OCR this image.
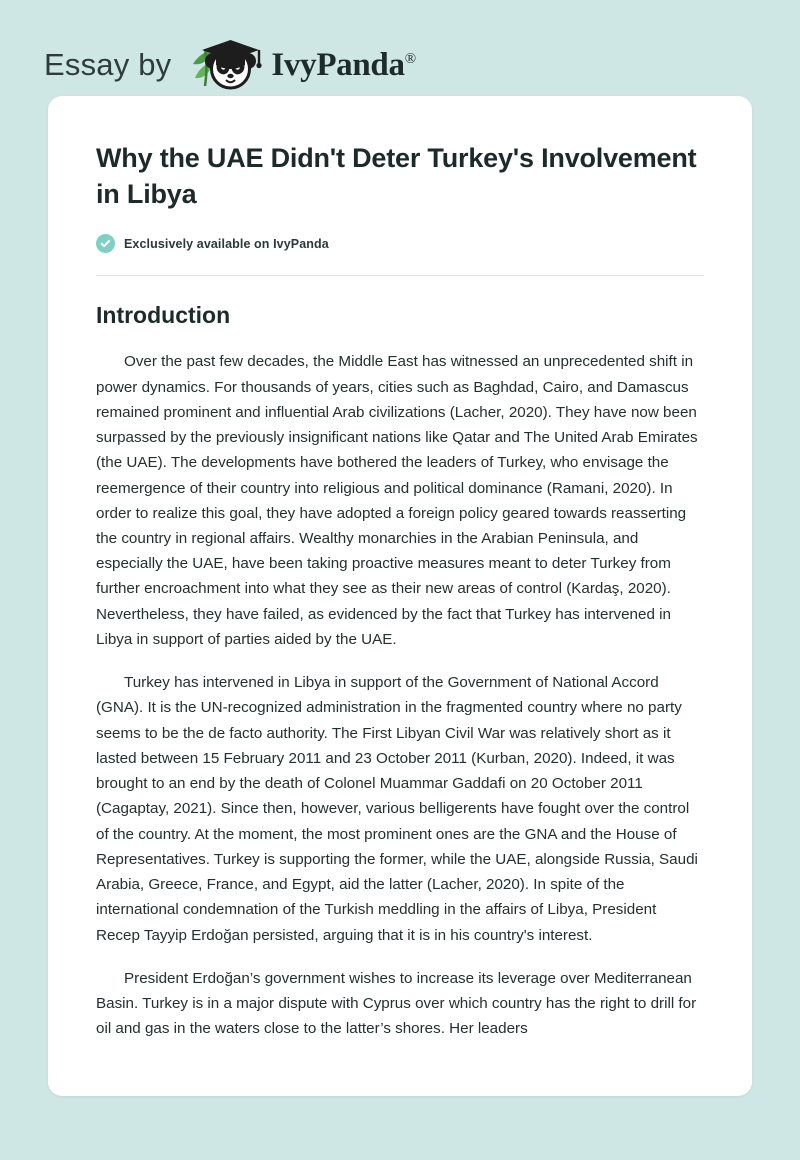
Essay by	IvyPanda®
Why the UAE Didn't Deter Turkey's Involvement in Libya
Exclusively available on IvyPanda
Introduction

Over the past few decades, the Middle East has witnessed an unprecedented shift in power dynamics. For thousands of years, cities such as Baghdad, Cairo, and Damascus remained prominent and influential Arab civilizations (Lacher, 2020). They have now been surpassed by the previously insignificant nations like Qatar and The United Arab Emirates (the UAE). The developments have bothered the leaders of Turkey, who envisage the reemergence of their country into religious and political dominance (Ramani, 2020). In order to realize this goal, they have adopted a foreign policy geared towards reasserting the country in regional affairs. Wealthy monarchies in the Arabian Peninsula, and especially the UAE, have been taking proactive measures meant to deter Turkey from further encroachment into what they see as their new areas of control (Kardaş, 2020). Nevertheless, they have failed, as evidenced by the fact that Turkey has intervened in Libya in support of parties aided by the UAE.

Turkey has intervened in Libya in support of the Government of National Accord (GNA). It is the UN-recognized administration in the fragmented country where no party seems to be the de facto authority. The First Libyan Civil War was relatively short as it lasted between 15 February 2011 and 23 October 2011 (Kurban, 2020). Indeed, it was brought to an end by the death of Colonel Muammar Gaddafi on 20 October 2011 (Cagaptay, 2021). Since then, however, various belligerents have fought over the control of the country. At the moment, the most prominent ones are the GNA and the House of Representatives. Turkey is supporting the former, while the UAE, alongside Russia, Saudi Arabia, Greece, France, and Egypt, aid the latter (Lacher, 2020). In spite of the international condemnation of the Turkish meddling in the affairs of Libya, President Recep Tayyip Erdoğan persisted, arguing that it is in his country's interest.

President Erdoğan’s government wishes to increase its leverage over Mediterranean Basin. Turkey is in a major dispute with Cyprus over which country has the right to drill for oil and gas in the waters close to the latter’s shores. Her leaders
